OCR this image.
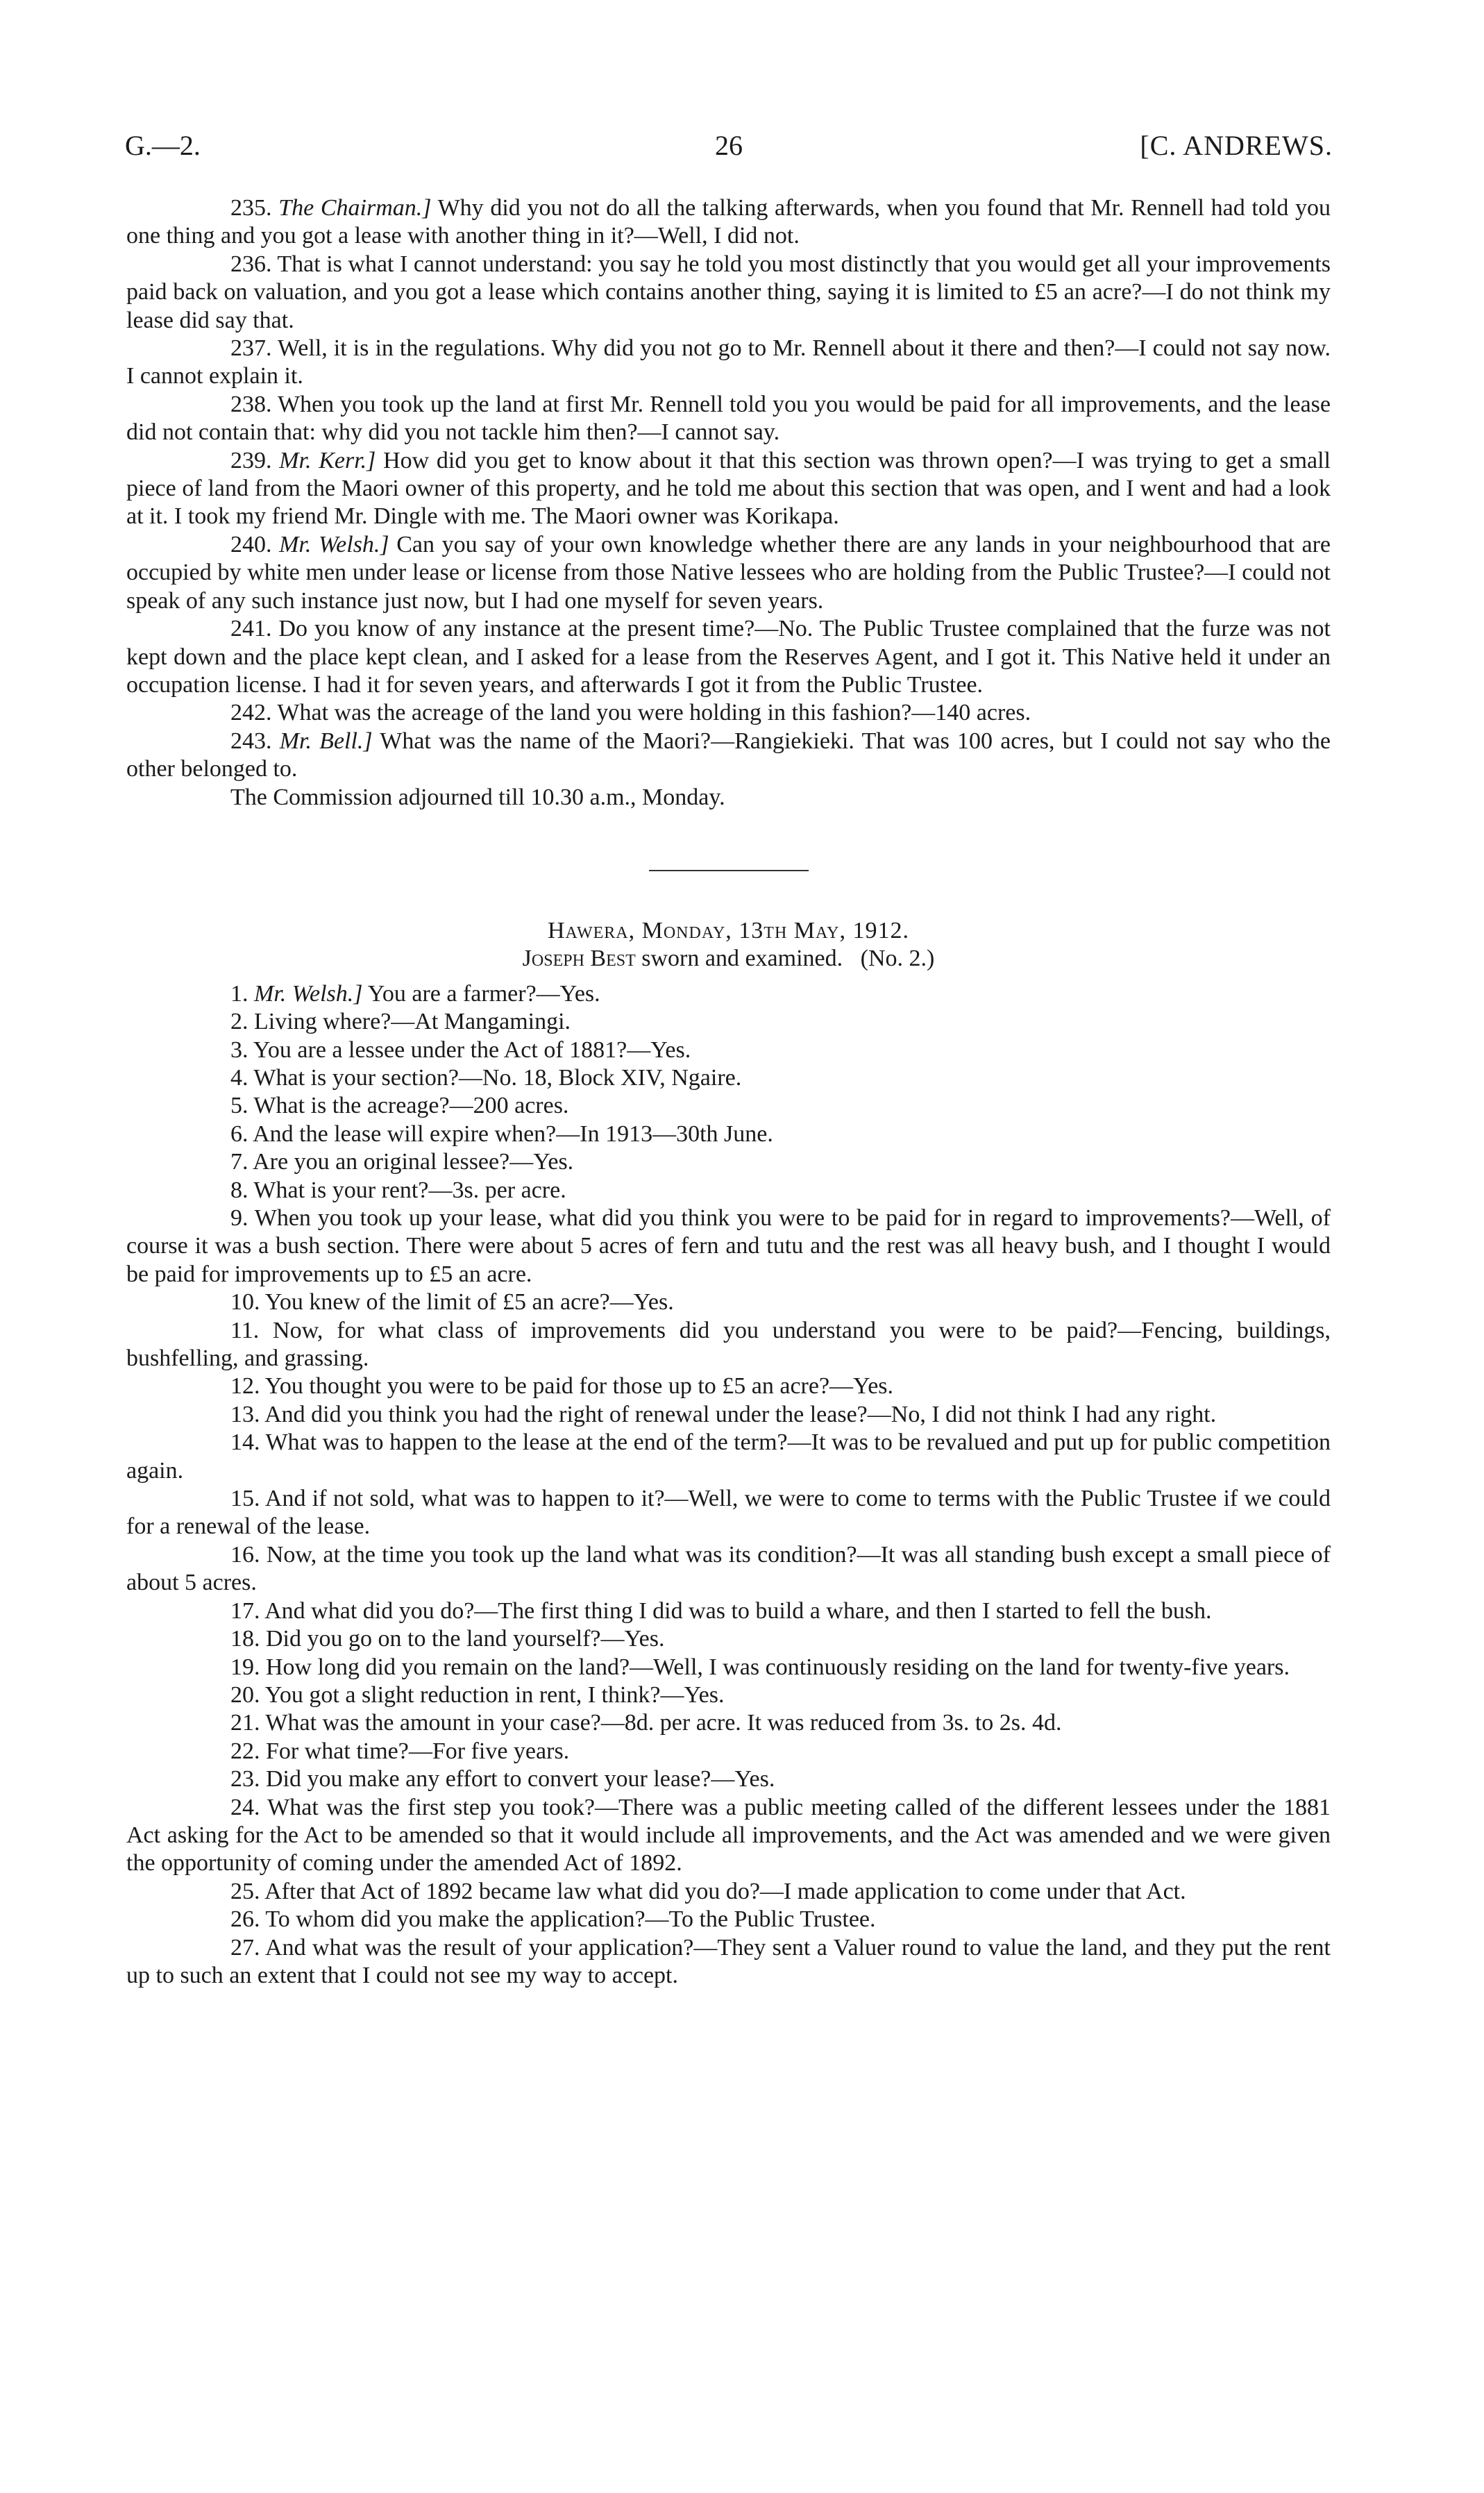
G.—2.	26	[C. ANDREWS.

235. The Chairman.] Why did you not do all the talking afterwards, when you found that Mr. Rennell had told you one thing and you got a lease with another thing in it?—Well, I did not.

236. That is what I cannot understand: you say he told you most distinctly that you would get all your improvements paid back on valuation, and you got a lease which contains another thing, saying it is limited to £5 an acre?—I do not think my lease did say that.

237. Well, it is in the regulations. Why did you not go to Mr. Rennell about it there and then?—I could not say now. I cannot explain it.

238. When you took up the land at first Mr. Rennell told you you would be paid for all improvements, and the lease did not contain that: why did you not tackle him then?—I cannot say.

239. Mr. Kerr.] How did you get to know about it that this section was thrown open?—I was trying to get a small piece of land from the Maori owner of this property, and he told me about this section that was open, and I went and had a look at it. I took my friend Mr. Dingle with me. The Maori owner was Korikapa.

240. Mr. Welsh.] Can you say of your own knowledge whether there are any lands in your neighbourhood that are occupied by white men under lease or license from those Native lessees who are holding from the Public Trustee?—I could not speak of any such instance just now, but I had one myself for seven years.

241. Do you know of any instance at the present time?—No. The Public Trustee complained that the furze was not kept down and the place kept clean, and I asked for a lease from the Reserves Agent, and I got it. This Native held it under an occupation license. I had it for seven years, and afterwards I got it from the Public Trustee.

242. What was the acreage of the land you were holding in this fashion?—140 acres.

243. Mr. Bell.] What was the name of the Maori?—Rangiekieki. That was 100 acres, but I could not say who the other belonged to.

The Commission adjourned till 10.30 a.m., Monday.

Hawera, Monday, 13th May, 1912.

Joseph Best sworn and examined.   (No. 2.)

1. Mr. Welsh.] You are a farmer?—Yes.

2. Living where?—At Mangamingi.

3. You are a lessee under the Act of 1881?—Yes.

4. What is your section?—No. 18, Block XIV, Ngaire.

5. What is the acreage?—200 acres.

6. And the lease will expire when?—In 1913—30th June.

7. Are you an original lessee?—Yes.

8. What is your rent?—3s. per acre.

9. When you took up your lease, what did you think you were to be paid for in regard to improvements?—Well, of course it was a bush section. There were about 5 acres of fern and tutu and the rest was all heavy bush, and I thought I would be paid for improvements up to £5 an acre.

10. You knew of the limit of £5 an acre?—Yes.

11. Now, for what class of improvements did you understand you were to be paid?—Fencing, buildings, bushfelling, and grassing.

12. You thought you were to be paid for those up to £5 an acre?—Yes.

13. And did you think you had the right of renewal under the lease?—No, I did not think I had any right.

14. What was to happen to the lease at the end of the term?—It was to be revalued and put up for public competition again.

15. And if not sold, what was to happen to it?—Well, we were to come to terms with the Public Trustee if we could for a renewal of the lease.

16. Now, at the time you took up the land what was its condition?—It was all standing bush except a small piece of about 5 acres.

17. And what did you do?—The first thing I did was to build a whare, and then I started to fell the bush.

18. Did you go on to the land yourself?—Yes.

19. How long did you remain on the land?—Well, I was continuously residing on the land for twenty-five years.

20. You got a slight reduction in rent, I think?—Yes.

21. What was the amount in your case?—8d. per acre. It was reduced from 3s. to 2s. 4d.

22. For what time?—For five years.

23. Did you make any effort to convert your lease?—Yes.

24. What was the first step you took?—There was a public meeting called of the different lessees under the 1881 Act asking for the Act to be amended so that it would include all improvements, and the Act was amended and we were given the opportunity of coming under the amended Act of 1892.

25. After that Act of 1892 became law what did you do?—I made application to come under that Act.

26. To whom did you make the application?—To the Public Trustee.

27. And what was the result of your application?—They sent a Valuer round to value the land, and they put the rent up to such an extent that I could not see my way to accept.
